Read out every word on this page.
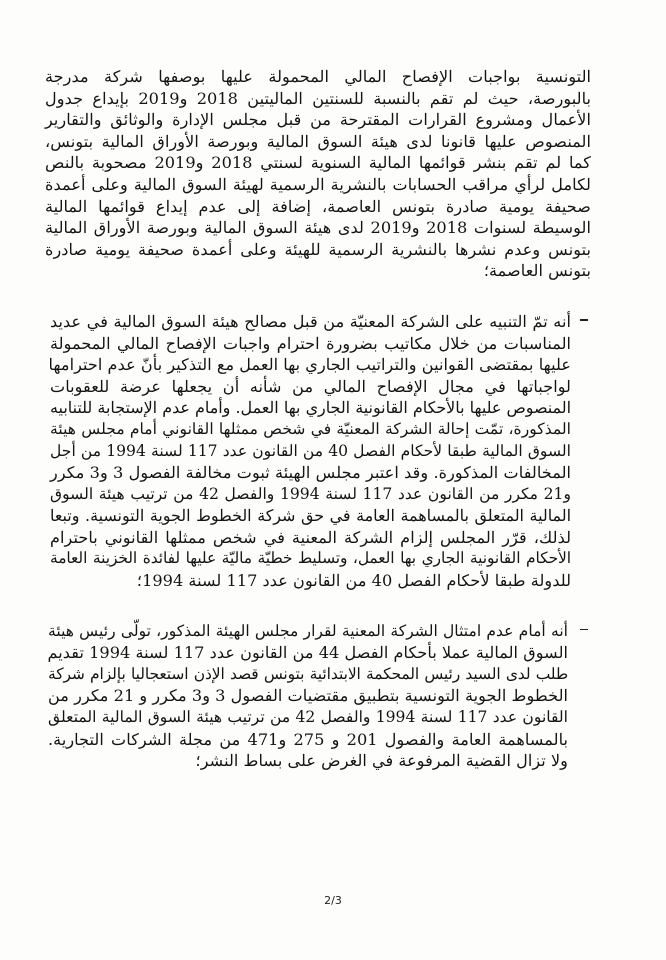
التونسية بواجبات الإفصاح المالي المحمولة عليها بوصفها شركة مدرجة
بالبورصة، حيث لم تقم بالنسبة للسنتين الماليتين 2018 و2019 بإيداع جدول
الأعمال ومشروع القرارات المقترحة من قبل مجلس الإدارة والوثائق والتقارير
المنصوص عليها قانونا لدى هيئة السوق المالية وبورصة الأوراق المالية بتونس،
كما لم تقم بنشر قوائمها المالية السنوية لسنتي 2018 و2019 مصحوبة بالنص
لكامل لرأي مراقب الحسابات بالنشرية الرسمية لهيئة السوق المالية وعلى أعمدة
صحيفة يومية صادرة بتونس العاصمة، إضافة إلى عدم إيداع قوائمها المالية
الوسيطة لسنوات 2018 و2019 لدى هيئة السوق المالية وبورصة الأوراق المالية
بتونس وعدم نشرها بالنشرية الرسمية للهيئة وعلى أعمدة صحيفة يومية صادرة
بتونس العاصمة؛
أنه تمّ التنبيه على الشركة المعنيّة من قبل مصالح هيئة السوق المالية في عديد
المناسبات من خلال مكاتيب بضرورة احترام واجبات الإفصاح المالي المحمولة
عليها بمقتضى القوانين والتراتيب الجاري بها العمل مع التذكير بأنّ عدم احترامها
لواجباتها في مجال الإفصاح المالي من شأنه أن يجعلها عرضة للعقوبات
المنصوص عليها بالأحكام القانونية الجاري بها العمل. وأمام عدم الإستجابة للتنابيه
المذكورة، تمّت إحالة الشركة المعنيّة في شخص ممثلها القانوني أمام مجلس هيئة
السوق المالية طبقا لأحكام الفصل 40 من القانون عدد 117 لسنة 1994 من أجل
المخالفات المذكورة. وقد اعتبر مجلس الهيئة ثبوت مخالفة الفصول 3 و3 مكرر
و21 مكرر من القانون عدد 117 لسنة 1994 والفصل 42 من ترتيب هيئة السوق
المالية المتعلق بالمساهمة العامة في حق شركة الخطوط الجوية التونسية. وتبعا
لذلك، قرّر المجلس إلزام الشركة المعنية في شخص ممثلها القانوني باحترام
الأحكام القانونية الجاري بها العمل، وتسليط خطيّة ماليّة عليها لفائدة الخزينة العامة
للدولة طبقا لأحكام الفصل 40 من القانون عدد 117 لسنة 1994؛
أنه أمام عدم امتثال الشركة المعنية لقرار مجلس الهيئة المذكور، تولّى رئيس هيئة
السوق المالية عملا بأحكام الفصل 44 من القانون عدد 117 لسنة 1994 تقديم
طلب لدى السيد رئيس المحكمة الابتدائية بتونس قصد الإذن استعجاليا بإلزام شركة
الخطوط الجوية التونسية بتطبيق مقتضيات الفصول 3 و3 مكرر و 21 مكرر من
القانون عدد 117 لسنة 1994 والفصل 42 من ترتيب هيئة السوق المالية المتعلق
بالمساهمة العامة والفصول 201 و 275 و471 من مجلة الشركات التجارية.
ولا تزال القضية المرفوعة في الغرض على بساط النشر؛
2/3
